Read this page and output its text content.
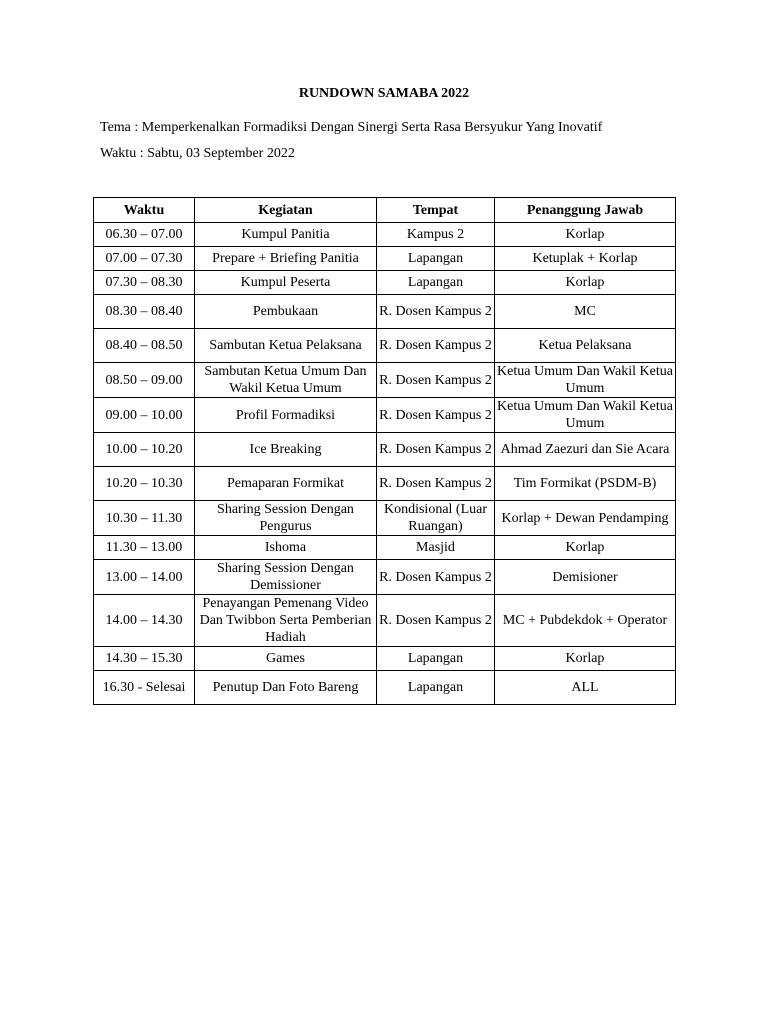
RUNDOWN SAMABA 2022
Tema : Memperkenalkan Formadiksi Dengan Sinergi Serta Rasa Bersyukur Yang Inovatif
Waktu : Sabtu, 03 September 2022
Waktu	Kegiatan	Tempat	Penanggung Jawab
06.30 – 07.00	Kumpul Panitia	Kampus 2	Korlap
07.00 – 07.30	Prepare + Briefing Panitia	Lapangan	Ketuplak + Korlap
07.30 – 08.30	Kumpul Peserta	Lapangan	Korlap
08.30 – 08.40	Pembukaan	R. Dosen Kampus 2	MC
08.40 – 08.50	Sambutan Ketua Pelaksana	R. Dosen Kampus 2	Ketua Pelaksana
08.50 – 09.00	Sambutan Ketua Umum Dan Wakil Ketua Umum	R. Dosen Kampus 2	Ketua Umum Dan Wakil Ketua Umum
09.00 – 10.00	Profil Formadiksi	R. Dosen Kampus 2	Ketua Umum Dan Wakil Ketua Umum
10.00 – 10.20	Ice Breaking	R. Dosen Kampus 2	Ahmad Zaezuri dan Sie Acara
10.20 – 10.30	Pemaparan Formikat	R. Dosen Kampus 2	Tim Formikat (PSDM-B)
10.30 – 11.30	Sharing Session Dengan Pengurus	Kondisional (Luar Ruangan)	Korlap + Dewan Pendamping
11.30 – 13.00	Ishoma	Masjid	Korlap
13.00 – 14.00	Sharing Session Dengan Demissioner	R. Dosen Kampus 2	Demisioner
14.00 – 14.30	Penayangan Pemenang Video Dan Twibbon Serta Pemberian Hadiah	R. Dosen Kampus 2	MC + Pubdekdok + Operator
14.30 – 15.30	Games	Lapangan	Korlap
16.30 - Selesai	Penutup Dan Foto Bareng	Lapangan	ALL
